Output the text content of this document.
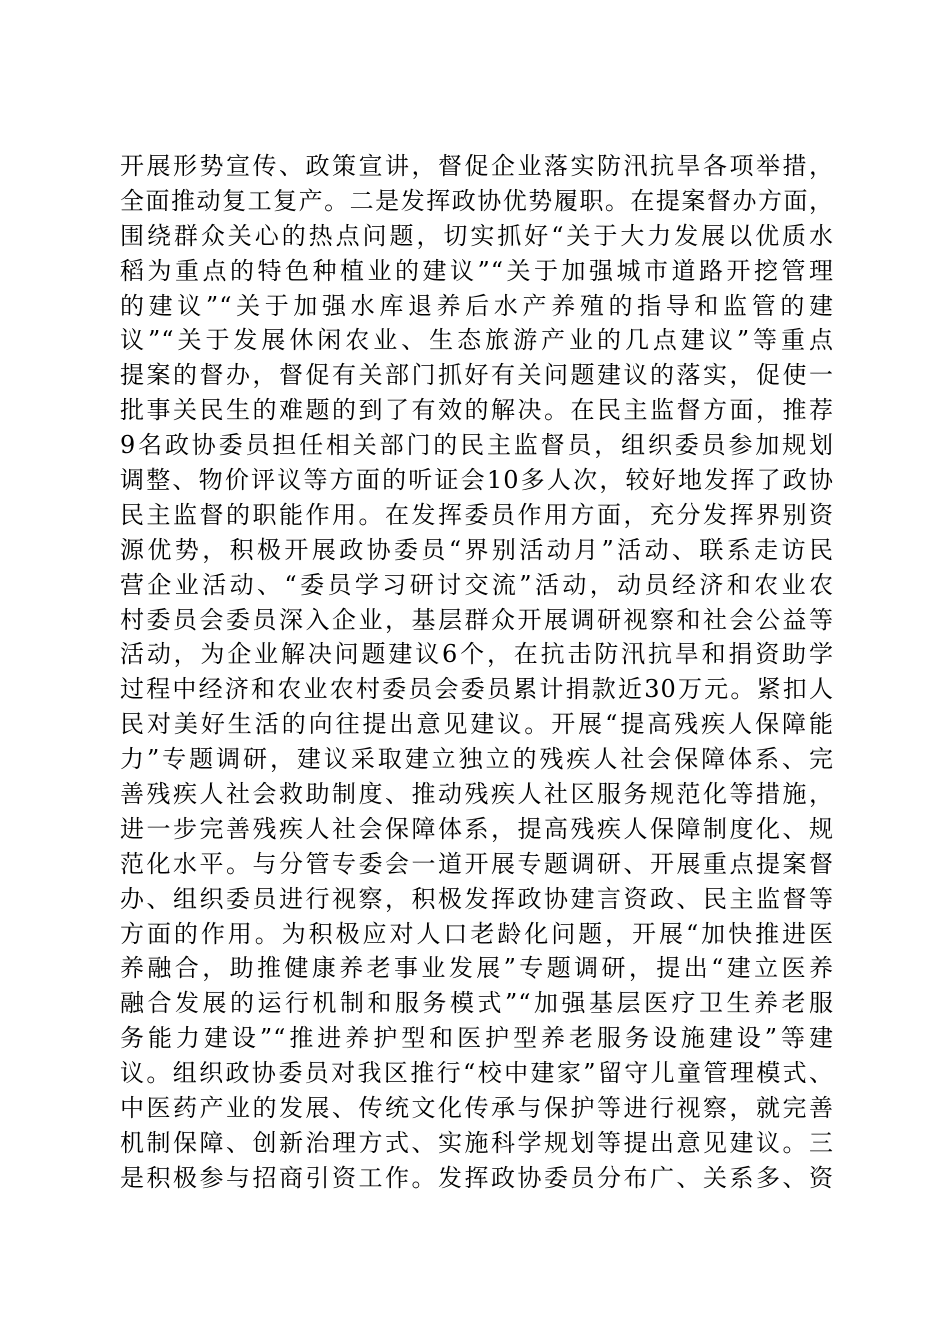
开展形势宣传、政策宣讲，督促企业落实防汛抗旱各项举措，
全面推动复工复产。二是发挥政协优势履职。在提案督办方面，
围绕群众关心的热点问题，切实抓好“关于大力发展以优质水
稻为重点的特色种植业的建议”“关于加强城市道路开挖管理
的建议”“关于加强水库退养后水产养殖的指导和监管的建
议”“关于发展休闲农业、生态旅游产业的几点建议”等重点
提案的督办，督促有关部门抓好有关问题建议的落实，促使一
批事关民生的难题的到了有效的解决。在民主监督方面，推荐
9名政协委员担任相关部门的民主监督员，组织委员参加规划
调整、物价评议等方面的听证会10多人次，较好地发挥了政协
民主监督的职能作用。在发挥委员作用方面，充分发挥界别资
源优势，积极开展政协委员“界别活动月”活动、联系走访民
营企业活动、“委员学习研讨交流”活动，动员经济和农业农
村委员会委员深入企业，基层群众开展调研视察和社会公益等
活动，为企业解决问题建议6个，在抗击防汛抗旱和捐资助学
过程中经济和农业农村委员会委员累计捐款近30万元。紧扣人
民对美好生活的向往提出意见建议。开展“提高残疾人保障能
力”专题调研，建议采取建立独立的残疾人社会保障体系、完
善残疾人社会救助制度、推动残疾人社区服务规范化等措施，
进一步完善残疾人社会保障体系，提高残疾人保障制度化、规
范化水平。与分管专委会一道开展专题调研、开展重点提案督
办、组织委员进行视察，积极发挥政协建言资政、民主监督等
方面的作用。为积极应对人口老龄化问题，开展“加快推进医
养融合，助推健康养老事业发展”专题调研，提出“建立医养
融合发展的运行机制和服务模式”“加强基层医疗卫生养老服
务能力建设”“推进养护型和医护型养老服务设施建设”等建
议。组织政协委员对我区推行“校中建家”留守儿童管理模式、
中医药产业的发展、传统文化传承与保护等进行视察，就完善
机制保障、创新治理方式、实施科学规划等提出意见建议。三
是积极参与招商引资工作。发挥政协委员分布广、关系多、资
